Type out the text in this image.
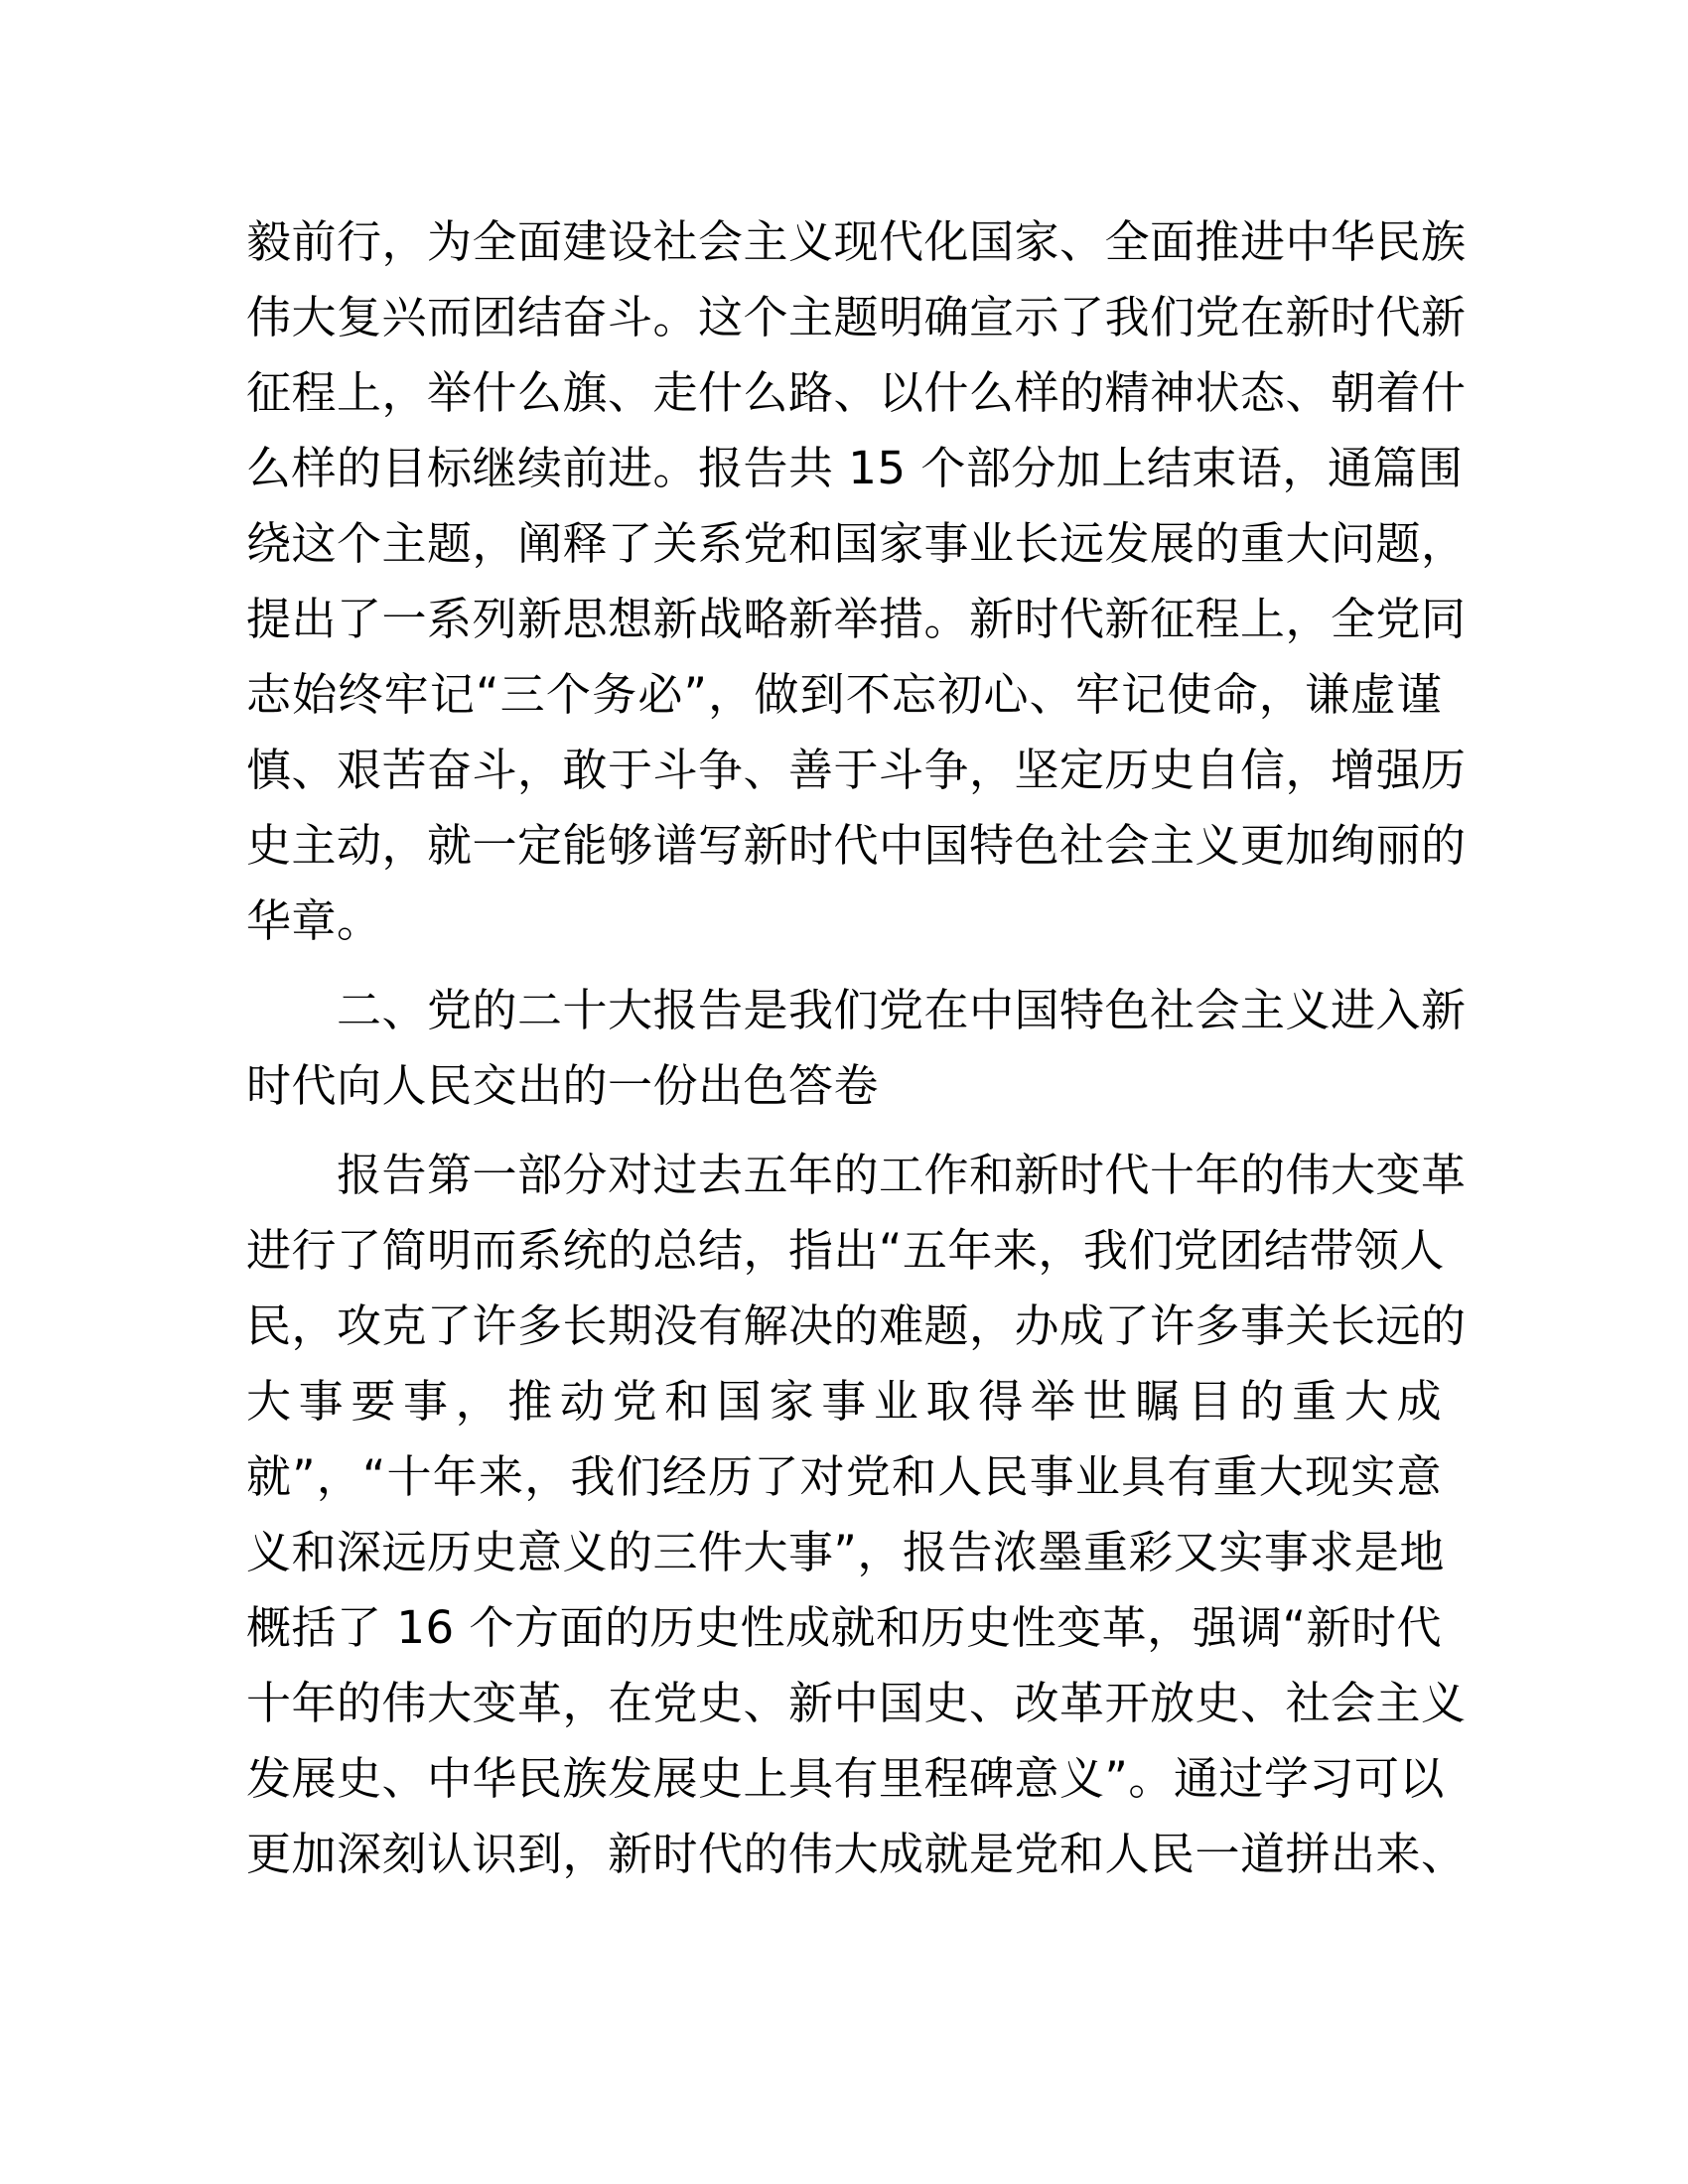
毅前行，为全面建设社会主义现代化国家、全面推进中华民族
伟大复兴而团结奋斗。这个主题明确宣示了我们党在新时代新
征程上，举什么旗、走什么路、以什么样的精神状态、朝着什
么样的目标继续前进。报告共 15 个部分加上结束语，通篇围
绕这个主题，阐释了关系党和国家事业长远发展的重大问题，
提出了一系列新思想新战略新举措。新时代新征程上，全党同
志始终牢记“三个务必”，做到不忘初心、牢记使命，谦虚谨
慎、艰苦奋斗，敢于斗争、善于斗争，坚定历史自信，增强历
史主动，就一定能够谱写新时代中国特色社会主义更加绚丽的
华章。
　　二、党的二十大报告是我们党在中国特色社会主义进入新
时代向人民交出的一份出色答卷
　　报告第一部分对过去五年的工作和新时代十年的伟大变革
进行了简明而系统的总结，指出“五年来，我们党团结带领人
民，攻克了许多长期没有解决的难题，办成了许多事关长远的
大事要事，推动党和国家事业取得举世瞩目的重大成
就”，“十年来，我们经历了对党和人民事业具有重大现实意
义和深远历史意义的三件大事”，报告浓墨重彩又实事求是地
概括了 16 个方面的历史性成就和历史性变革，强调“新时代
十年的伟大变革，在党史、新中国史、改革开放史、社会主义
发展史、中华民族发展史上具有里程碑意义”。通过学习可以
更加深刻认识到，新时代的伟大成就是党和人民一道拼出来、
